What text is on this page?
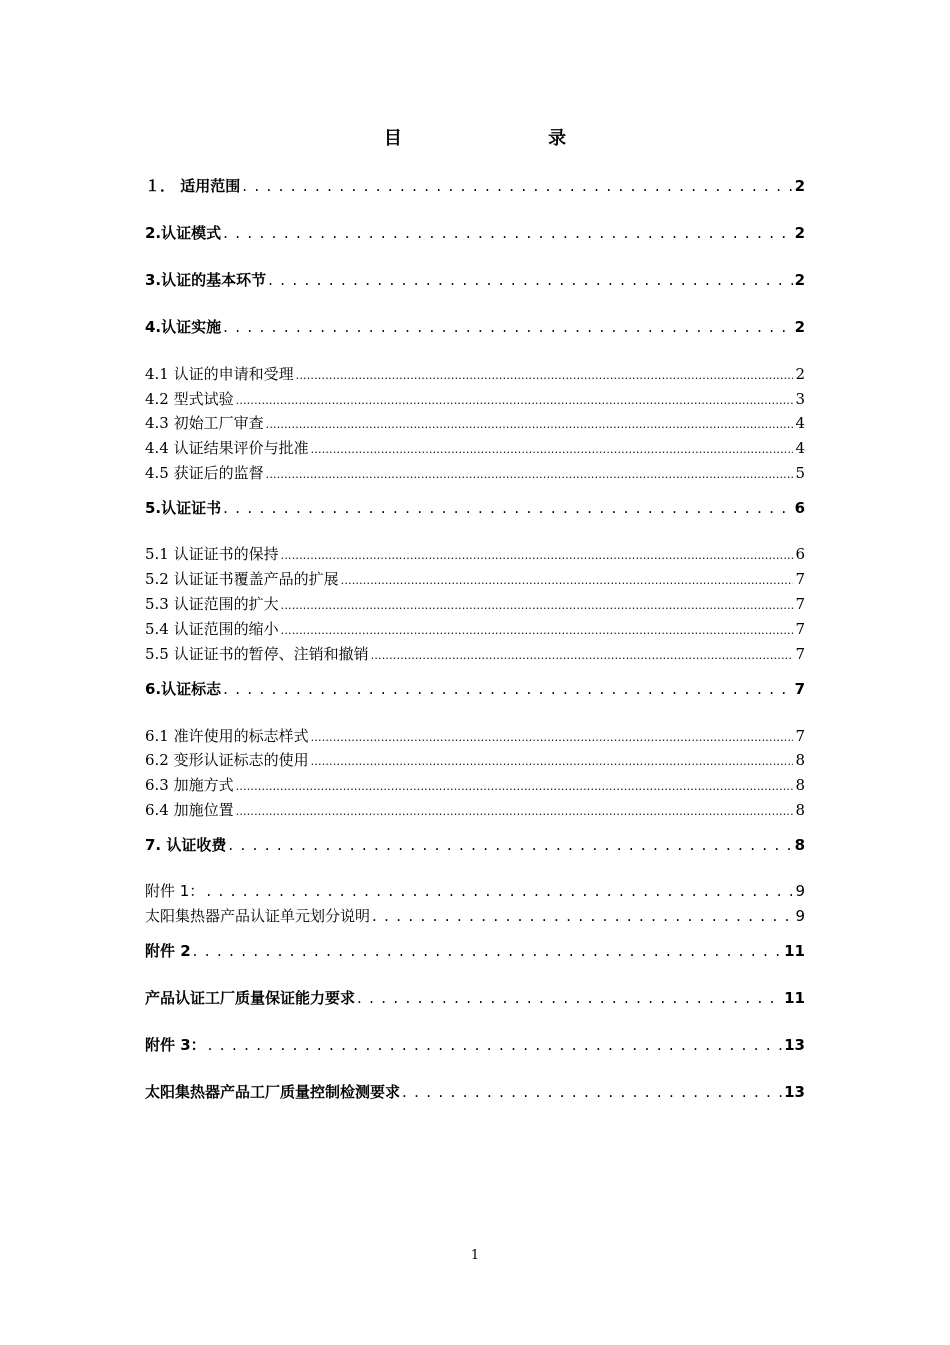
目 录
１． 适用范围 . . .	2
2.认证模式 . . .	2
3.认证的基本环节 . . .	2
4.认证实施 . . .	2
4.1 认证的申请和受理 .....	2
4.2 型式试验 .....	3
4.3 初始工厂审查 .....	4
4.4 认证结果评价与批准 .....	4
4.5 获证后的监督 .....	5
5.认证证书 . . .	6
5.1 认证证书的保持 .....	6
5.2 认证证书覆盖产品的扩展 .....	7
5.3 认证范围的扩大 .....	7
5.4 认证范围的缩小 .....	7
5.5 认证证书的暂停、注销和撤销 .....	7
6.认证标志 . . .	7
6.1 准许使用的标志样式 .....	7
6.2 变形认证标志的使用 .....	8
6.3 加施方式 .....	8
6.4 加施位置 .....	8
7. 认证收费 . . .	8
附件 1： . . .	9
太阳集热器产品认证单元划分说明 . . .	9
附件 2 . . .	11
产品认证工厂质量保证能力要求 . . .	11
附件 3： . . .	13
太阳集热器产品工厂质量控制检测要求 . . .	13
1
